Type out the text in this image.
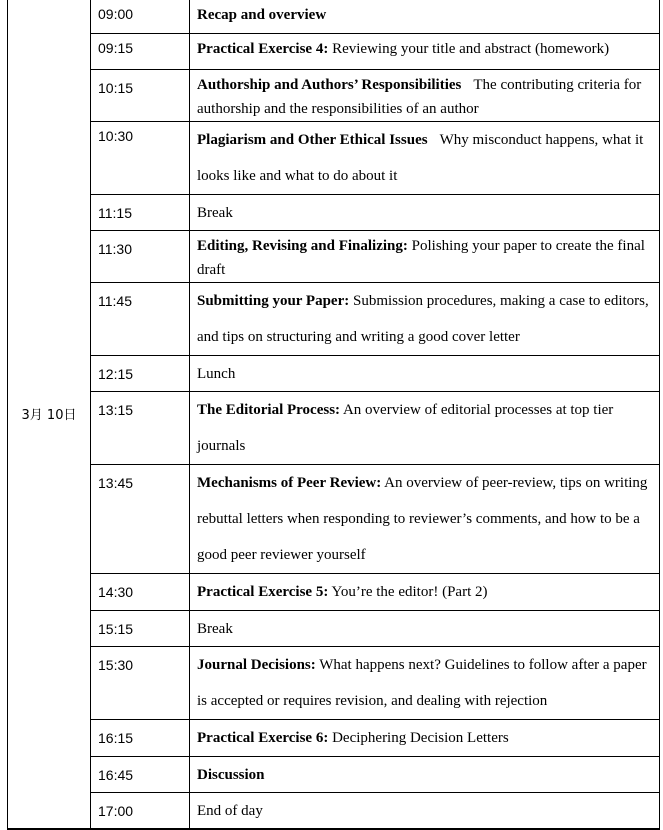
3月 10日	09:00	Recap and overview
	09:15	Practical Exercise 4: Reviewing your title and abstract (homework)
	10:15	Authorship and Authors’ Responsibilities The contributing criteria for authorship and the responsibilities of an author
	10:30	Plagiarism and Other Ethical Issues Why misconduct happens, what it looks like and what to do about it
	11:15	Break
	11:30	Editing, Revising and Finalizing: Polishing your paper to create the final draft
	11:45	Submitting your Paper: Submission procedures, making a case to editors, and tips on structuring and writing a good cover letter
	12:15	Lunch
	13:15	The Editorial Process: An overview of editorial processes at top tier journals
	13:45	Mechanisms of Peer Review: An overview of peer-review, tips on writing rebuttal letters when responding to reviewer’s comments, and how to be a good peer reviewer yourself
	14:30	Practical Exercise 5: You’re the editor! (Part 2)
	15:15	Break
	15:30	Journal Decisions: What happens next? Guidelines to follow after a paper is accepted or requires revision, and dealing with rejection
	16:15	Practical Exercise 6: Deciphering Decision Letters
	16:45	Discussion
	17:00	End of day
